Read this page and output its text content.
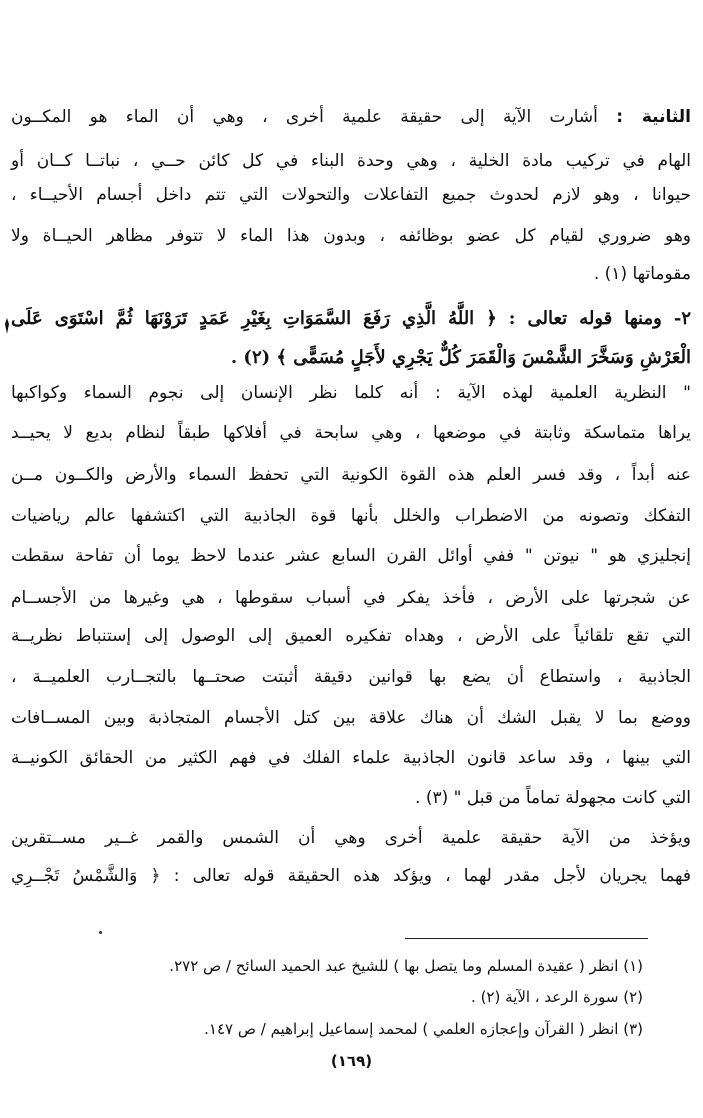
الثانية : أشارت الآية إلى حقيقة علمية أخرى ، وهي أن الماء هو المكــون
الهام في تركيب مادة الخلية ، وهي وحدة البناء في كل كائن حــي ، نباتــا كــان أو
حيوانا ، وهو لازم لحدوث جميع التفاعلات والتحولات التي تتم داخل أجسام الأحيــاء ،
وهو ضروري لقيام كل عضو بوظائفه ، وبدون هذا الماء لا تتوفر مظاهر الحيــاة ولا
مقوماتها (١) .
٢- ومنها قوله تعالى : ﴿ اللَّهُ الَّذِي رَفَعَ السَّمَوَاتِ بِغَيْرِ عَمَدٍ تَرَوْنَهَا ثُمَّ اسْتَوَى عَلَى
الْعَرْشِ وَسَخَّرَ الشَّمْسَ وَالْقَمَرَ كُلٌّ يَجْرِي لأَجَلٍ مُسَمًّى ﴾ (٢) .
" النظرية العلمية لهذه الآية : أنه كلما نظر الإنسان إلى نجوم السماء وكواكبها
يراها متماسكة وثابتة في موضعها ، وهي سابحة في أفلاكها طبقاً لنظام بديع لا يحيــد
عنه أبداً ، وقد فسر العلم هذه القوة الكونية التي تحفظ السماء والأرض والكــون مــن
التفكك وتصونه من الاضطراب والخلل بأنها قوة الجاذبية التي اكتشفها عالم رياضيات
إنجليزي هو " نيوتن " ففي أوائل القرن السابع عشر عندما لاحظ يوما أن تفاحة سقطت
عن شجرتها على الأرض ، فأخذ يفكر في أسباب سقوطها ، هي وغيرها من الأجســام
التي تقع تلقائياً على الأرض ، وهداه تفكيره العميق إلى الوصول إلى إستنباط نظريــة
الجاذبية ، واستطاع أن يضع بها قوانين دقيقة أثبتت صحتــها بالتجــارب العلميــة ،
ووضع بما لا يقبل الشك أن هناك علاقة بين كتل الأجسام المتجاذبة وبين المســافات
التي بينها ، وقد ساعد قانون الجاذبية علماء الفلك في فهم الكثير من الحقائق الكونيــة
التي كانت مجهولة تماماً من قبل " (٣) .
ويؤخذ من الآية حقيقة علمية أخرى وهي أن الشمس والقمر غــير مســتقرين
فهما يجريان لأجل مقدر لهما ، ويؤكد هذه الحقيقة قوله تعالى : ﴿ وَالشَّمْسُ تَجْــرِي
(١) انظر ( عقيدة المسلم وما يتصل بها ) للشيخ عبد الحميد السائح / ص ٢٧٢.
(٢) سورة الرعد ، الآية (٢) .
(٣) انظر ( القرآن وإعجازه العلمي ) لمحمد إسماعيل إبراهيم / ص ١٤٧.
(١٦٩)
